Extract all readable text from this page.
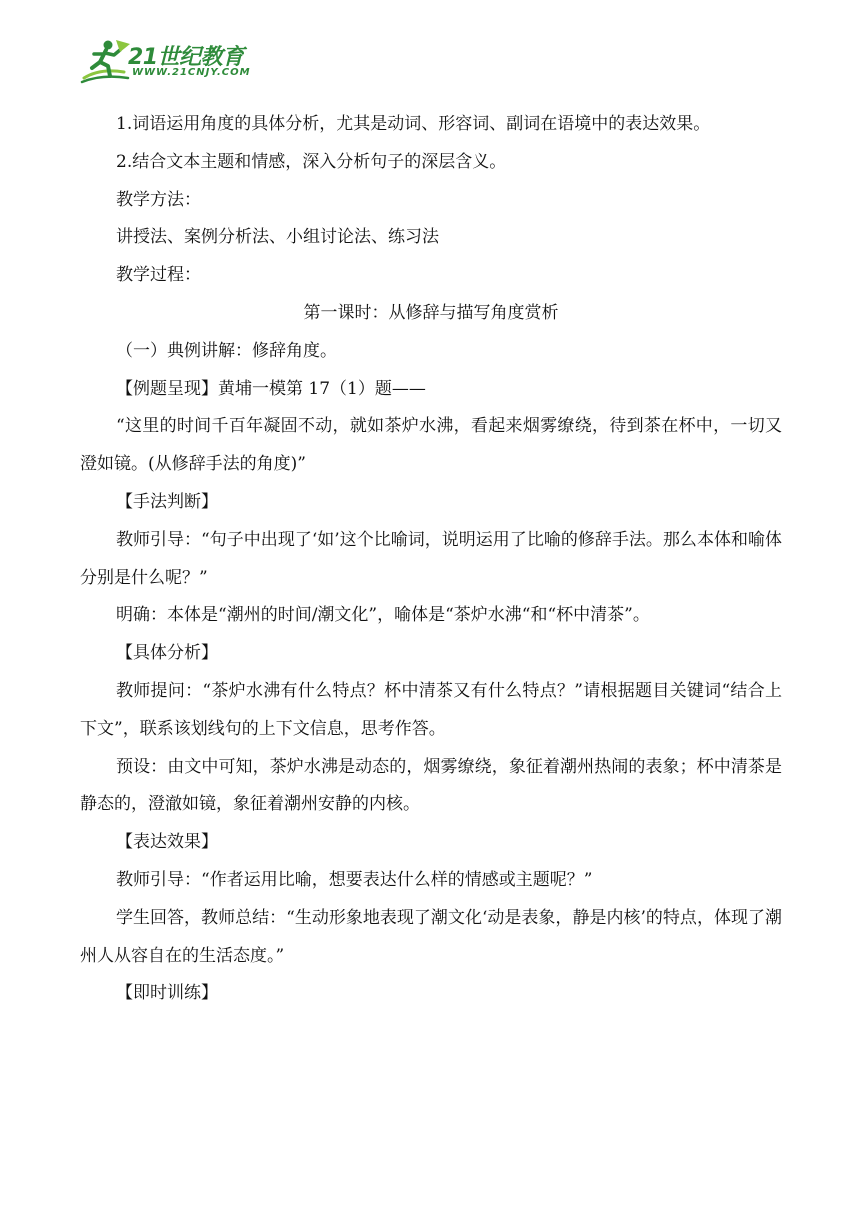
21世纪教育
WWW.21CNJY.COM

1.词语运用角度的具体分析，尤其是动词、形容词、副词在语境中的表达效果。

2.结合文本主题和情感，深入分析句子的深层含义。

教学方法：

讲授法、案例分析法、小组讨论法、练习法

教学过程：

第一课时：从修辞与描写角度赏析

（一）典例讲解：修辞角度。

【例题呈现】黄埔一模第 17（1）题——

“这里的时间千百年凝固不动，就如茶炉水沸，看起来烟雾缭绕，待到茶在杯中，一切又澄如镜。(从修辞手法的角度)”

【手法判断】

教师引导：“句子中出现了‘如’这个比喻词，说明运用了比喻的修辞手法。那么本体和喻体分别是什么呢？”

明确：本体是“潮州的时间/潮文化”，喻体是“茶炉水沸“和“杯中清茶”。

【具体分析】

教师提问：“茶炉水沸有什么特点？杯中清茶又有什么特点？”请根据题目关键词“结合上下文”，联系该划线句的上下文信息，思考作答。

预设：由文中可知，茶炉水沸是动态的，烟雾缭绕，象征着潮州热闹的表象；杯中清茶是静态的，澄澈如镜，象征着潮州安静的内核。

【表达效果】

教师引导：“作者运用比喻，想要表达什么样的情感或主题呢？”

学生回答，教师总结：“生动形象地表现了潮文化‘动是表象，静是内核’的特点，体现了潮州人从容自在的生活态度。”

【即时训练】
